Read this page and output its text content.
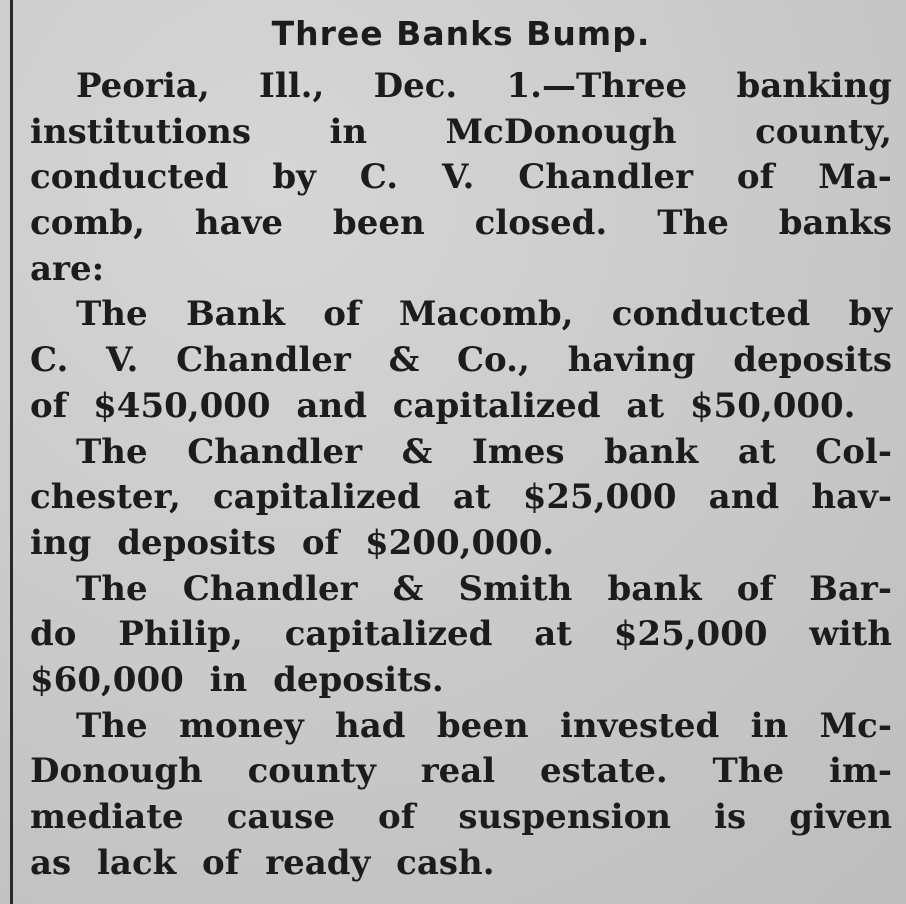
Three Banks Bump.
Peoria, Ill., Dec. 1.—Three banking
institutions in McDonough county,
conducted by C. V. Chandler of Ma-
comb, have been closed. The banks
are:
The Bank of Macomb, conducted by
C. V. Chandler & Co., having deposits
of $450,000 and capitalized at $50,000.
The Chandler & Imes bank at Col-
chester, capitalized at $25,000 and hav-
ing deposits of $200,000.
The Chandler & Smith bank of Bar-
do Philip, capitalized at $25,000 with
$60,000 in deposits.
The money had been invested in Mc-
Donough county real estate. The im-
mediate cause of suspension is given
as lack of ready cash.
